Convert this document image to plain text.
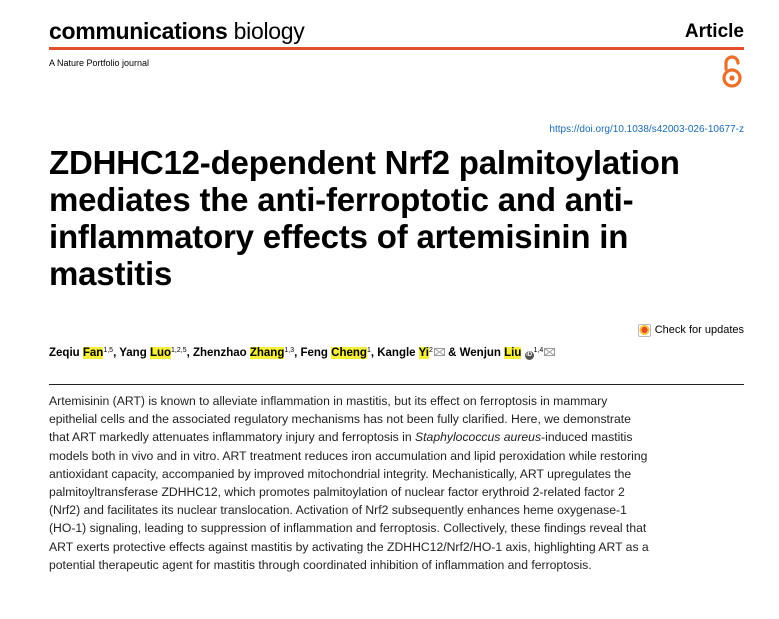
communications biology	Article
A Nature Portfolio journal
https://doi.org/10.1038/s42003-026-10677-z
ZDHHC12-dependent Nrf2 palmitoylation mediates the anti-ferroptotic and anti-inflammatory effects of artemisinin in mastitis
Check for updates
Zeqiu Fan$^{1,5}$, Yang Luo$^{1,2,5}$, Zhenzhao Zhang$^{1,3}$, Feng Cheng$^1$, Kangle Yi$^2$ & Wenjun Liu iD$^{1,4}$

Artemisinin (ART) is known to alleviate inflammation in mastitis, but its effect on ferroptosis in mammary epithelial cells and the associated regulatory mechanisms has not been fully clarified. Here, we demonstrate that ART markedly attenuates inflammatory injury and ferroptosis in Staphylococcus aureus-induced mastitis models both in vivo and in vitro. ART treatment reduces iron accumulation and lipid peroxidation while restoring antioxidant capacity, accompanied by improved mitochondrial integrity. Mechanistically, ART upregulates the palmitoyltransferase ZDHHC12, which promotes palmitoylation of nuclear factor erythroid 2-related factor 2 (Nrf2) and facilitates its nuclear translocation. Activation of Nrf2 subsequently enhances heme oxygenase-1 (HO-1) signaling, leading to suppression of inflammation and ferroptosis. Collectively, these findings reveal that ART exerts protective effects against mastitis by activating the ZDHHC12/Nrf2/HO-1 axis, highlighting ART as a potential therapeutic agent for mastitis through coordinated inhibition of inflammation and ferroptosis.
